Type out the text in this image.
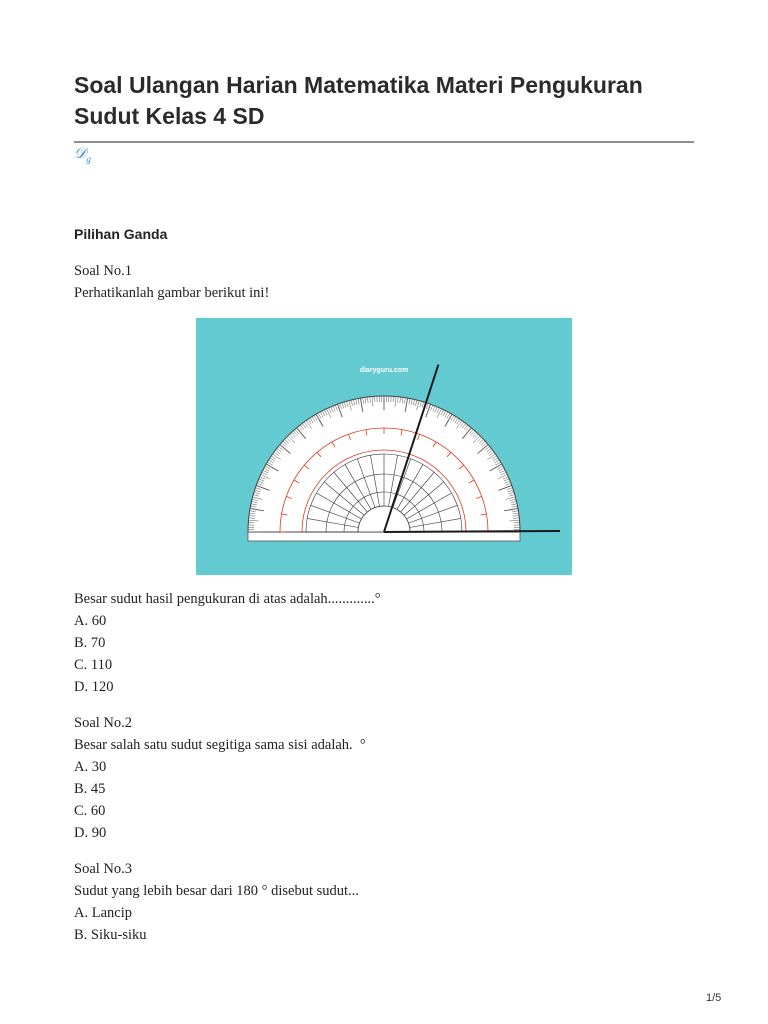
Soal Ulangan Harian Matematika Materi Pengukuran Sudut Kelas 4 SD
𝒟$_g$
Pilihan Ganda
Soal No.1
Perhatikanlah gambar berikut ini!
diaryguru.com
Besar sudut hasil pengukuran di atas adalah.............°
A. 60
B. 70
C. 110
D. 120
Soal No.2
Besar salah satu sudut segitiga sama sisi adalah.  °
A. 30
B. 45
C. 60
D. 90
Soal No.3
Sudut yang lebih besar dari 180 ° disebut sudut...
A. Lancip
B. Siku-siku
1/5
